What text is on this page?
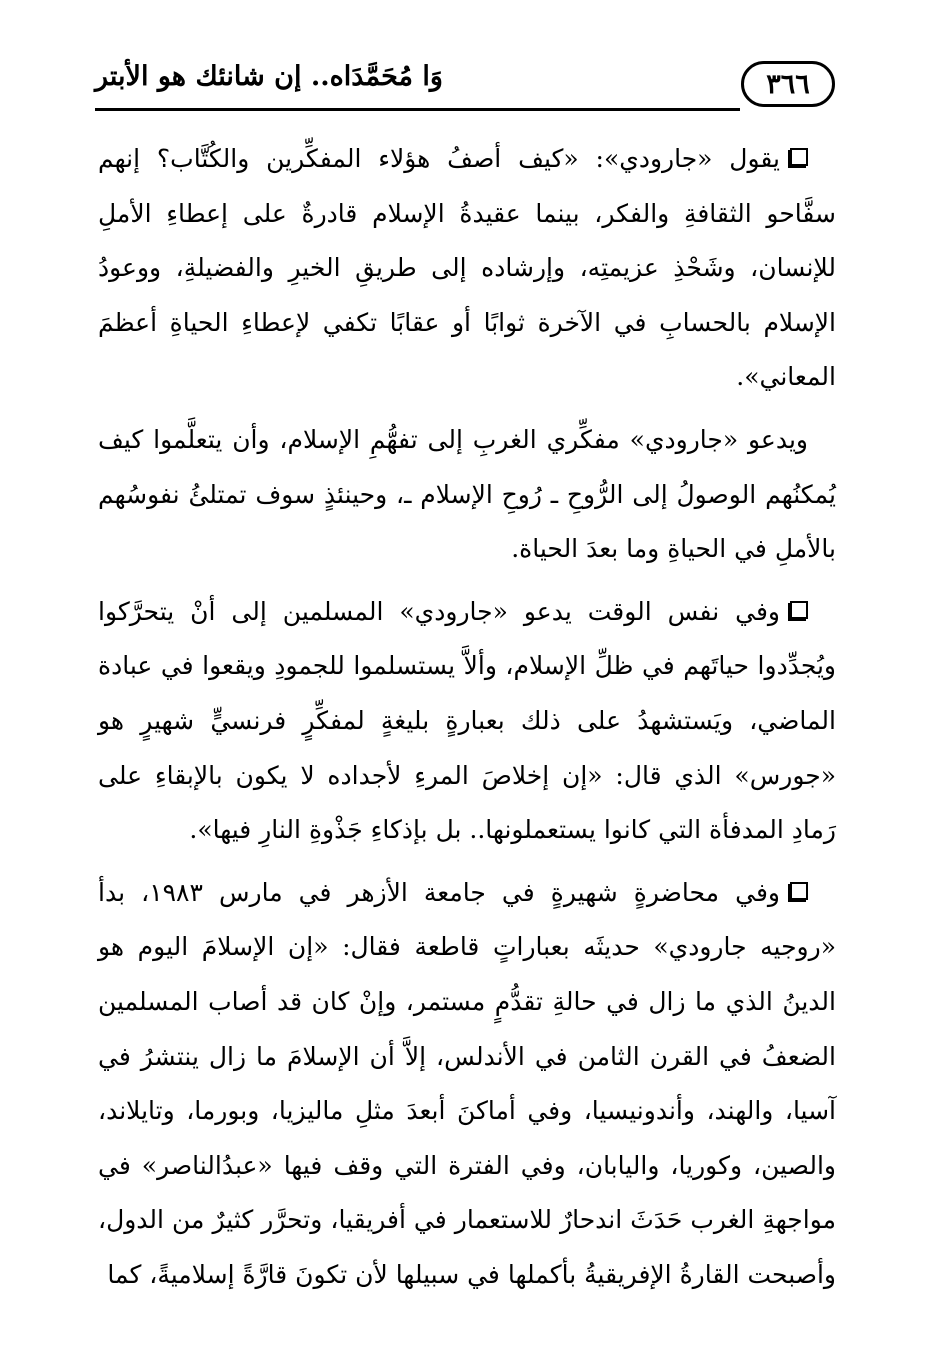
وَا مُحَمَّدَاه.. إن شانئك هو الأبتر	٣٦٦

يقول «جارودي»: «كيف أصفُ هؤلاء المفكِّرين والكُتَّاب؟ إنهم سفَّاحو الثقافةِ والفكر، بينما عقيدةُ الإسلام قادرةٌ على إعطاءِ الأملِ للإنسان، وشَحْذِ عزيمتِه، وإرشاده إلى طريقِ الخيرِ والفضيلةِ، ووعودُ الإسلام بالحسابِ في الآخرة ثوابًا أو عقابًا تكفي لإعطاءِ الحياةِ أعظمَ المعاني».

ويدعو «جارودي» مفكِّري الغربِ إلى تفهُّمِ الإسلام، وأن يتعلَّموا كيف يُمكنُهم الوصولُ إلى الرُّوحِ ـ رُوحِ الإسلام ـ، وحينئذٍ سوف تمتلئُ نفوسُهم بالأملِ في الحياةِ وما بعدَ الحياة.

وفي نفس الوقت يدعو «جارودي» المسلمين إلى أنْ يتحرَّكوا ويُجدِّدوا حياتَهم في ظلِّ الإسلام، وألاَّ يستسلموا للجمودِ ويقعوا في عبادة الماضي، ويَستشهدُ على ذلك بعبارةٍ بليغةٍ لمفكِّرٍ فرنسيٍّ شهيرٍ هو «جورس» الذي قال: «إن إخلاصَ المرءِ لأجداده لا يكون بالإبقاءِ على رَمادِ المدفأة التي كانوا يستعملونها.. بل بإذكاءِ جَذْوةِ النارِ فيها».

وفي محاضرةٍ شهيرةٍ في جامعة الأزهر في مارس ١٩٨٣، بدأ «روجيه جارودي» حديثَه بعباراتٍ قاطعة فقال: «إن الإسلامَ اليوم هو الدينُ الذي ما زال في حالةِ تقدُّمٍ مستمر، وإنْ كان قد أصاب المسلمين الضعفُ في القرن الثامن في الأندلس، إلاَّ أن الإسلامَ ما زال ينتشرُ في آسيا، والهند، وأندونيسيا، وفي أماكنَ أبعدَ مثلِ ماليزيا، وبورما، وتايلاند، والصين، وكوريا، واليابان، وفي الفترة التي وقف فيها «عبدُالناصر» في مواجهةِ الغرب حَدَثَ اندحارٌ للاستعمار في أفريقيا، وتحرَّر كثيرٌ من الدول، وأصبحت القارةُ الإفريقيةُ بأكملها في سبيلها لأن تكونَ قارَّةً إسلاميةً، كما
